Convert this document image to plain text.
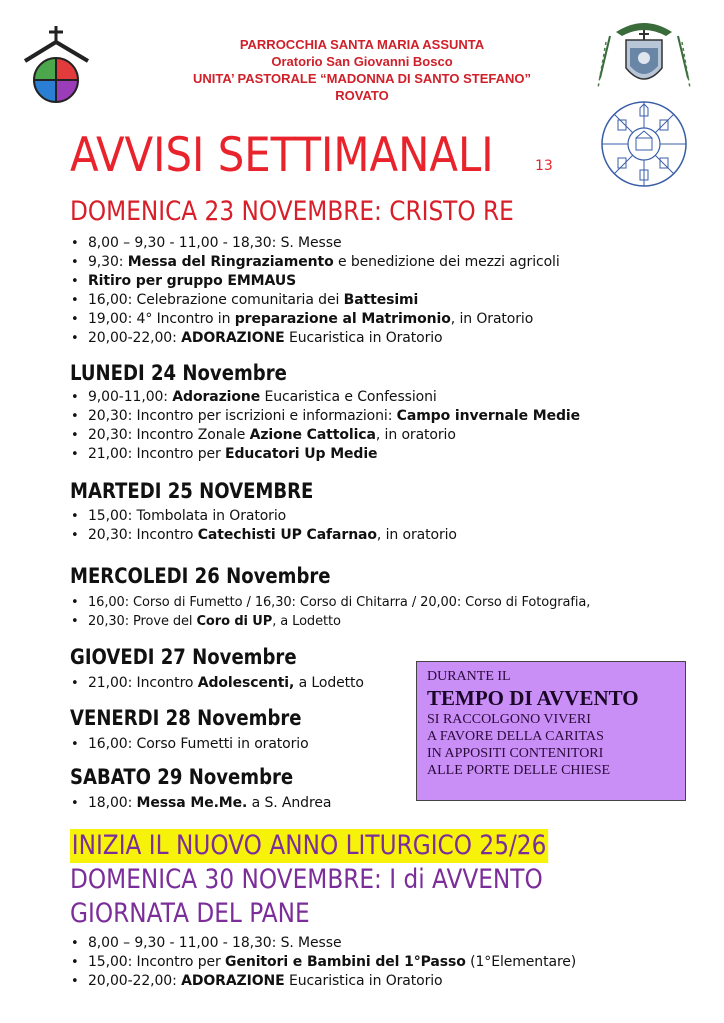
PARROCCHIA SANTA MARIA ASSUNTA
Oratorio San Giovanni Bosco
UNITA’ PASTORALE “MADONNA DI SANTO STEFANO”
ROVATO
AVVISI SETTIMANALI	13
DOMENICA 23 NOVEMBRE: CRISTO RE
• 8,00 – 9,30 - 11,00 - 18,30: S. Messe
• 9,30: Messa del Ringraziamento e benedizione dei mezzi agricoli
• Ritiro per gruppo EMMAUS
• 16,00: Celebrazione comunitaria dei Battesimi
• 19,00: 4° Incontro in preparazione al Matrimonio, in Oratorio
• 20,00-22,00: ADORAZIONE Eucaristica in Oratorio
LUNEDI 24 Novembre
• 9,00-11,00: Adorazione Eucaristica e Confessioni
• 20,30: Incontro per iscrizioni e informazioni: Campo invernale Medie
• 20,30: Incontro Zonale Azione Cattolica, in oratorio
• 21,00: Incontro per Educatori Up Medie
MARTEDI 25 NOVEMBRE
• 15,00: Tombolata in Oratorio
• 20,30: Incontro Catechisti UP Cafarnao, in oratorio
MERCOLEDI 26 Novembre
• 16,00: Corso di Fumetto / 16,30: Corso di Chitarra / 20,00: Corso di Fotografia,
• 20,30: Prove del Coro di UP, a Lodetto
GIOVEDI 27 Novembre
• 21,00: Incontro Adolescenti, a Lodetto
VENERDI 28 Novembre
• 16,00: Corso Fumetti in oratorio
SABATO 29 Novembre
• 18,00: Messa Me.Me. a S. Andrea
DURANTE IL
TEMPO DI AVVENTO
SI RACCOLGONO VIVERI
A FAVORE DELLA CARITAS
IN APPOSITI CONTENITORI
ALLE PORTE DELLE CHIESE
INIZIA IL NUOVO ANNO LITURGICO 25/26
DOMENICA 30 NOVEMBRE: I di AVVENTO
GIORNATA DEL PANE
• 8,00 – 9,30 - 11,00 - 18,30: S. Messe
• 15,00: Incontro per Genitori e Bambini del 1°Passo (1°Elementare)
• 20,00-22,00: ADORAZIONE Eucaristica in Oratorio
